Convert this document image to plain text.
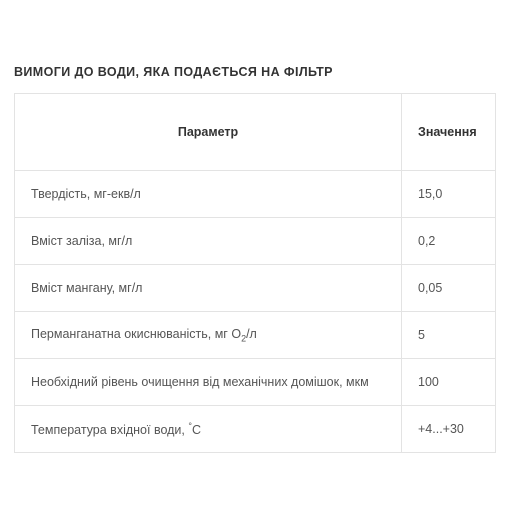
ВИМОГИ ДО ВОДИ, ЯКА ПОДАЄТЬСЯ НА ФІЛЬТР
Параметр	Значення
Твердість, мг-екв/л	15,0
Вміст заліза, мг/л	0,2
Вміст мангану, мг/л	0,05
Перманганатна окиснюваність, мг $O_2/л$	5
Необхідний рівень очищення від механічних домішок, мкм	100
Температура вхідної води, °C	+4...+30
